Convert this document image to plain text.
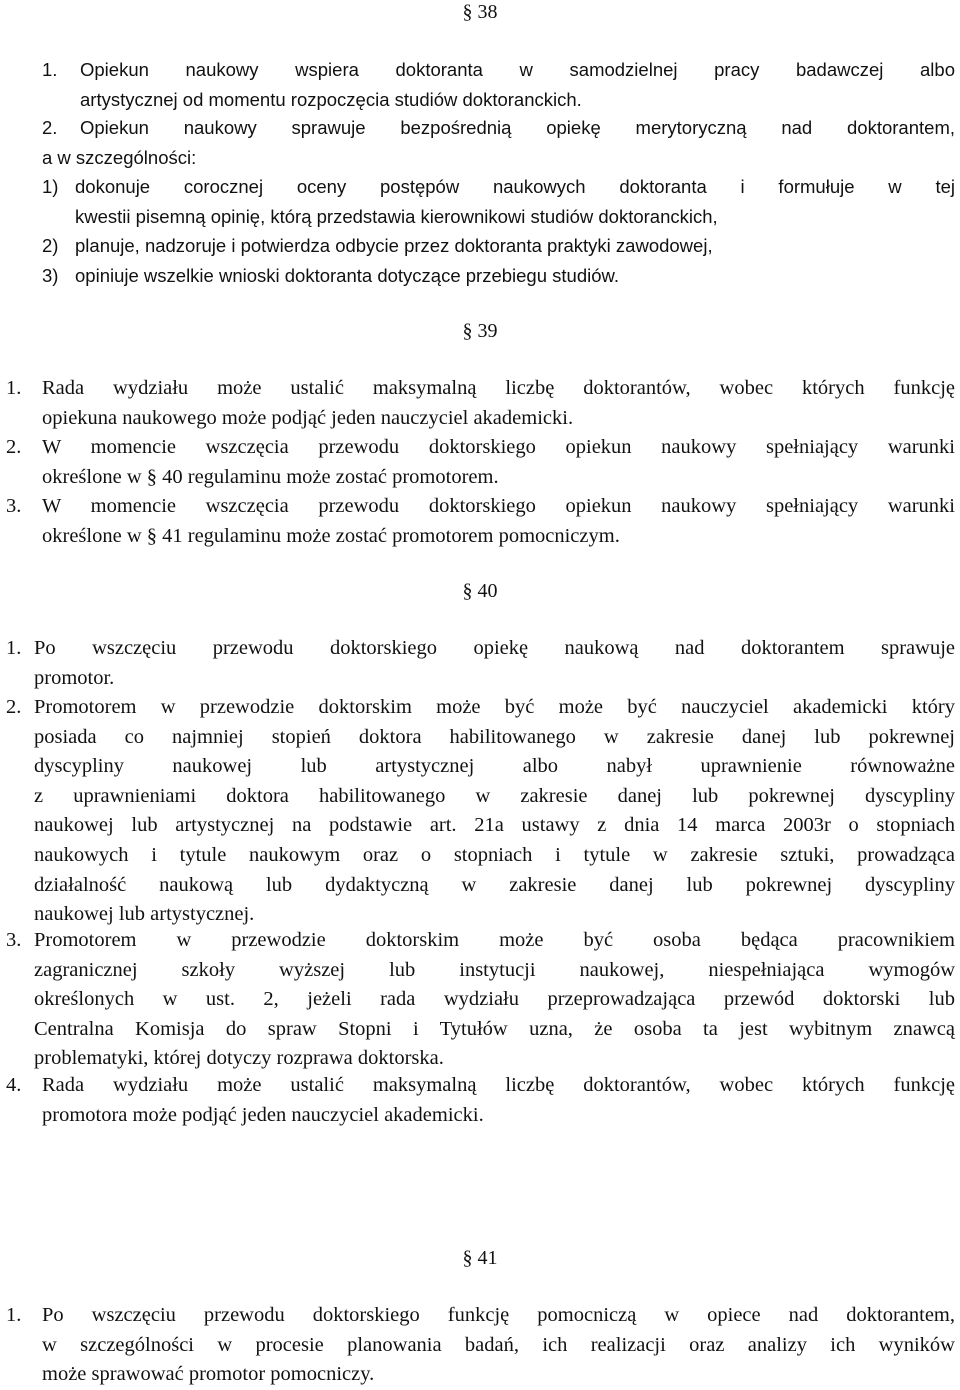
§ 38
1. Opiekun naukowy wspiera doktoranta w samodzielnej pracy badawczej albo
artystycznej od momentu rozpoczęcia studiów doktoranckich.
2. Opiekun naukowy sprawuje bezpośrednią opiekę merytoryczną nad doktorantem,
a w szczególności:
1) dokonuje corocznej oceny postępów naukowych doktoranta i formułuje w tej
kwestii pisemną opinię, którą przedstawia kierownikowi studiów doktoranckich,
2) planuje, nadzoruje i potwierdza odbycie przez doktoranta praktyki zawodowej,
3) opiniuje wszelkie wnioski doktoranta dotyczące przebiegu studiów.
§ 39
1. Rada wydziału może ustalić maksymalną liczbę doktorantów, wobec których funkcję
opiekuna naukowego może podjąć jeden nauczyciel akademicki.
2. W momencie wszczęcia przewodu doktorskiego opiekun naukowy spełniający warunki
określone w § 40 regulaminu może zostać promotorem.
3. W momencie wszczęcia przewodu doktorskiego opiekun naukowy spełniający warunki
określone w § 41 regulaminu może zostać promotorem pomocniczym.
§ 40
1. Po wszczęciu przewodu doktorskiego opiekę naukową nad doktorantem sprawuje
promotor.
2. Promotorem w przewodzie doktorskim może być może być nauczyciel akademicki który
posiada co najmniej stopień doktora habilitowanego w zakresie danej lub pokrewnej
dyscypliny naukowej lub artystycznej albo nabył uprawnienie równoważne
z uprawnieniami doktora habilitowanego w zakresie danej lub pokrewnej dyscypliny
naukowej lub artystycznej na podstawie art. 21a ustawy z dnia 14 marca 2003r o stopniach
naukowych i tytule naukowym oraz o stopniach i tytule w zakresie sztuki, prowadząca
działalność naukową lub dydaktyczną w zakresie danej lub pokrewnej dyscypliny
naukowej lub artystycznej.
3. Promotorem w przewodzie doktorskim może być osoba będąca pracownikiem
zagranicznej szkoły wyższej lub instytucji naukowej, niespełniająca wymogów
określonych w ust. 2, jeżeli rada wydziału przeprowadzająca przewód doktorski lub
Centralna Komisja do spraw Stopni i Tytułów uzna, że osoba ta jest wybitnym znawcą
problematyki, której dotyczy rozprawa doktorska.
4. Rada wydziału może ustalić maksymalną liczbę doktorantów, wobec których funkcję
promotora może podjąć jeden nauczyciel akademicki.
§ 41
1. Po wszczęciu przewodu doktorskiego funkcję pomocniczą w opiece nad doktorantem,
w szczególności w procesie planowania badań, ich realizacji oraz analizy ich wyników
może sprawować promotor pomocniczy.
